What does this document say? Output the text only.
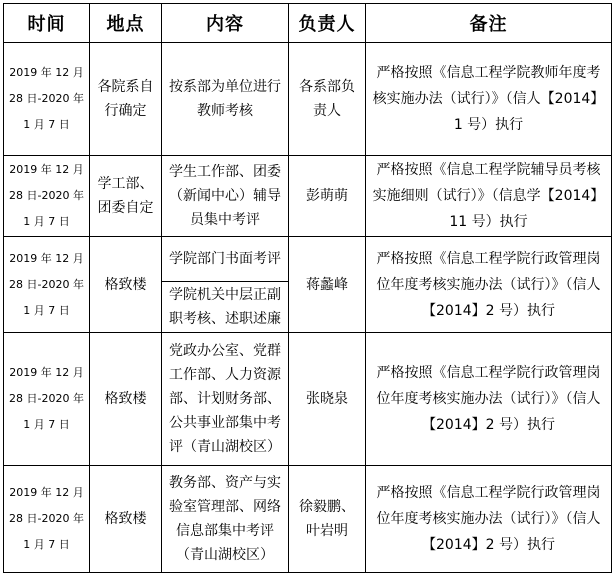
时间	地点	内容	负责人	备注
2019 年 12 月 28 日-2020 年 1 月 7 日	各院系自行确定	按系部为单位进行教师考核	各系部负责人	严格按照《信息工程学院教师年度考核实施办法（试行）》（信人【2014】1 号）执行
2019 年 12 月 28 日-2020 年 1 月 7 日	学工部、团委自定	学生工作部、团委（新闻中心）辅导员集中考评	彭萌萌	严格按照《信息工程学院辅导员考核实施细则（试行）》（信息学【2014】11 号）执行
2019 年 12 月 28 日-2020 年 1 月 7 日	格致楼	学院部门书面考评	蒋蠡峰	严格按照《信息工程学院行政管理岗位年度考核实施办法（试行）》（信人【2014】2 号）执行
		学院机关中层正副职考核、述职述廉		
2019 年 12 月 28 日-2020 年 1 月 7 日	格致楼	党政办公室、党群工作部、人力资源部、计划财务部、公共事业部集中考评（青山湖校区）	张晓泉	严格按照《信息工程学院行政管理岗位年度考核实施办法（试行）》（信人【2014】2 号）执行
2019 年 12 月 28 日-2020 年 1 月 7 日	格致楼	教务部、资产与实验室管理部、网络信息部集中考评（青山湖校区）	徐毅鹏、叶岩明	严格按照《信息工程学院行政管理岗位年度考核实施办法（试行）》（信人【2014】2 号）执行
